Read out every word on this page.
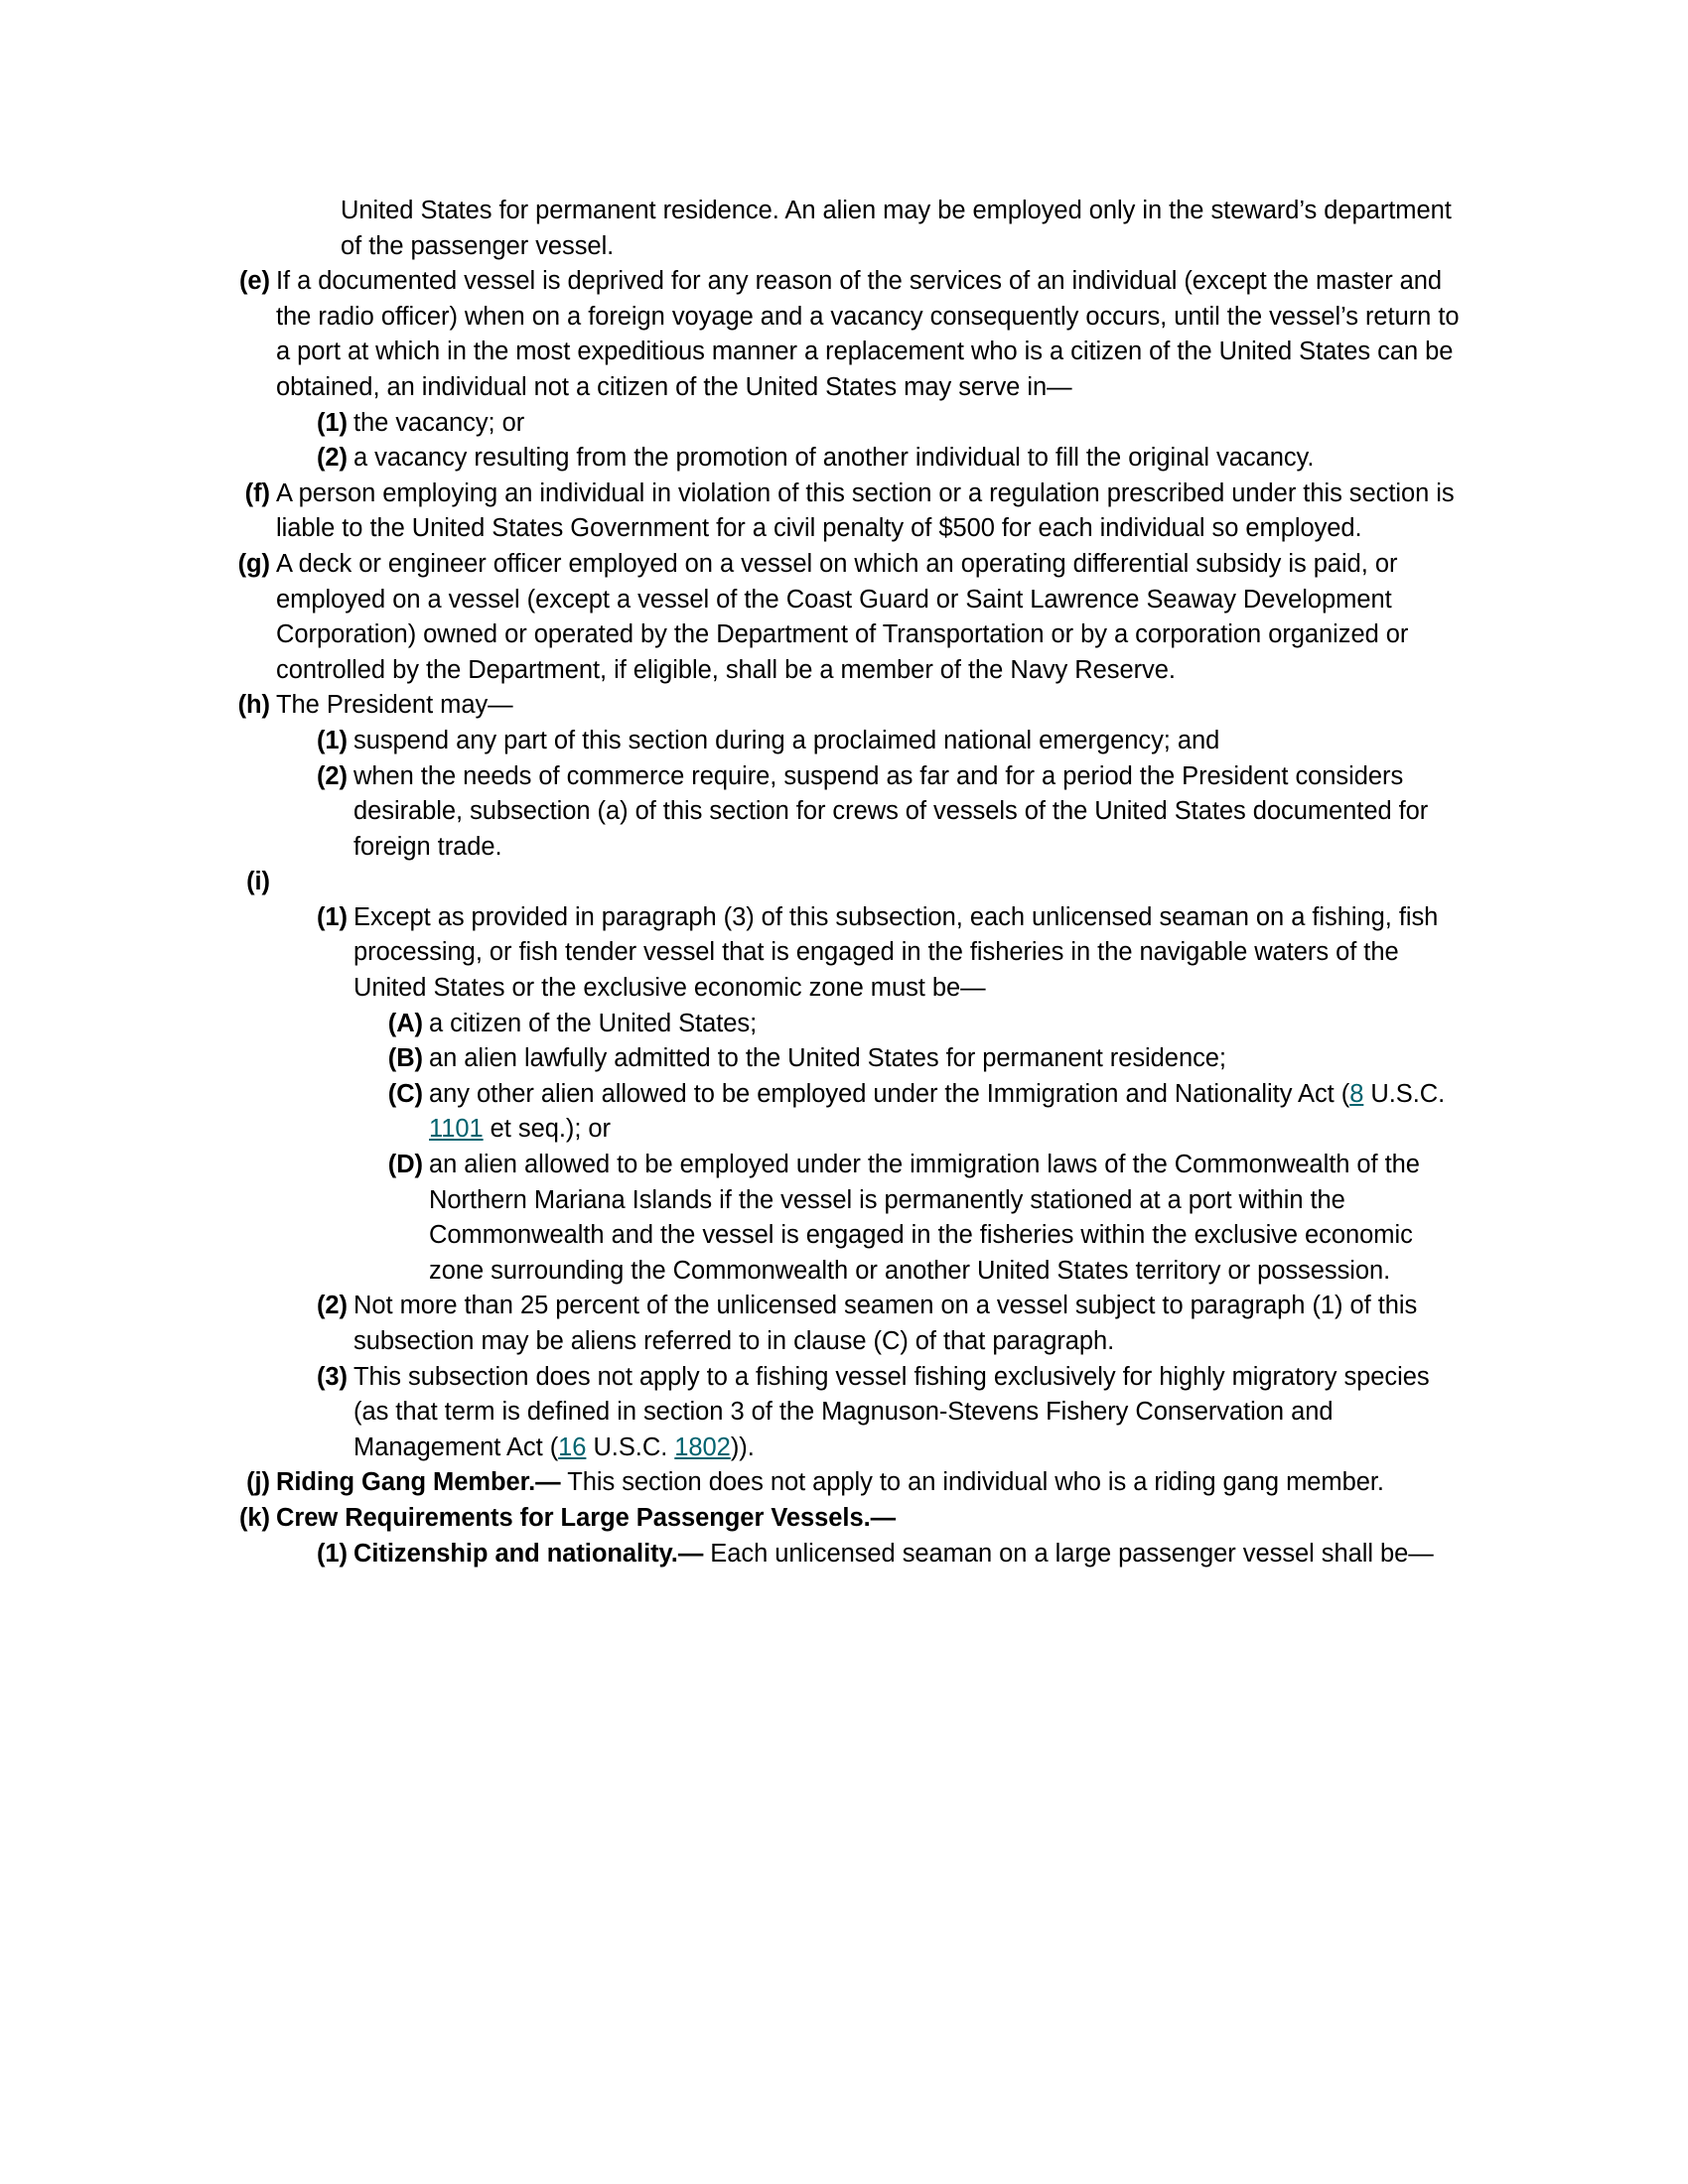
United States for permanent residence. An alien may be employed only in the steward’s department of the passenger vessel.
(e) If a documented vessel is deprived for any reason of the services of an individual (except the master and the radio officer) when on a foreign voyage and a vacancy consequently occurs, until the vessel’s return to a port at which in the most expeditious manner a replacement who is a citizen of the United States can be obtained, an individual not a citizen of the United States may serve in—
(1) the vacancy; or
(2) a vacancy resulting from the promotion of another individual to fill the original vacancy.
(f) A person employing an individual in violation of this section or a regulation prescribed under this section is liable to the United States Government for a civil penalty of $500 for each individual so employed.
(g) A deck or engineer officer employed on a vessel on which an operating differential subsidy is paid, or employed on a vessel (except a vessel of the Coast Guard or Saint Lawrence Seaway Development Corporation) owned or operated by the Department of Transportation or by a corporation organized or controlled by the Department, if eligible, shall be a member of the Navy Reserve.
(h) The President may—
(1) suspend any part of this section during a proclaimed national emergency; and
(2) when the needs of commerce require, suspend as far and for a period the President considers desirable, subsection (a) of this section for crews of vessels of the United States documented for foreign trade.
(i)

(1) Except as provided in paragraph (3) of this subsection, each unlicensed seaman on a fishing, fish processing, or fish tender vessel that is engaged in the fisheries in the navigable waters of the United States or the exclusive economic zone must be—
(A) a citizen of the United States;
(B) an alien lawfully admitted to the United States for permanent residence;
(C) any other alien allowed to be employed under the Immigration and Nationality Act (8 U.S.C. 1101 et seq.); or
(D) an alien allowed to be employed under the immigration laws of the Commonwealth of the Northern Mariana Islands if the vessel is permanently stationed at a port within the Commonwealth and the vessel is engaged in the fisheries within the exclusive economic zone surrounding the Commonwealth or another United States territory or possession.
(2) Not more than 25 percent of the unlicensed seamen on a vessel subject to paragraph (1) of this subsection may be aliens referred to in clause (C) of that paragraph.
(3) This subsection does not apply to a fishing vessel fishing exclusively for highly migratory species (as that term is defined in section 3 of the Magnuson-Stevens Fishery Conservation and Management Act (16 U.S.C. 1802)).
(j) Riding Gang Member.— This section does not apply to an individual who is a riding gang member.
(k) Crew Requirements for Large Passenger Vessels.—
(1) Citizenship and nationality.— Each unlicensed seaman on a large passenger vessel shall be—
